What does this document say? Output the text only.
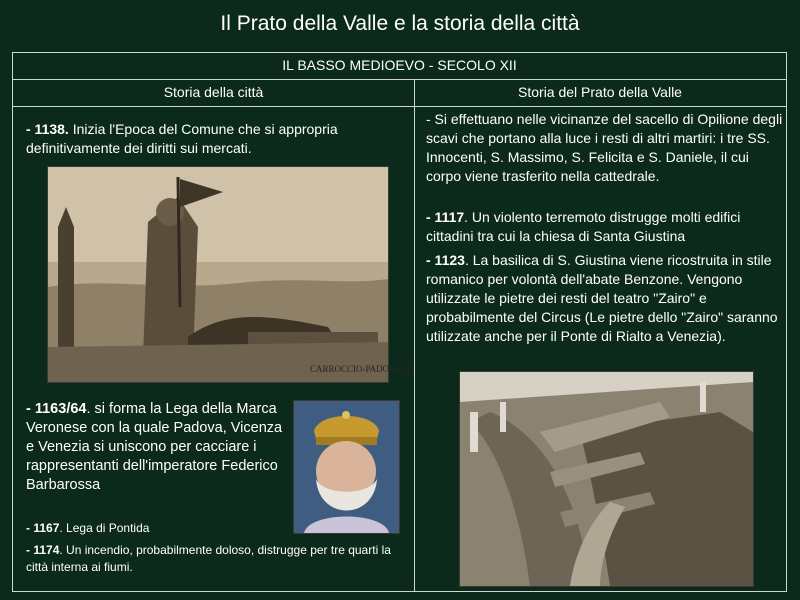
Il Prato della Valle e la storia della città
IL BASSO MEDIOEVO - SECOLO XII
Storia della città	Storia del Prato della Valle
- 1138. Inizia l'Epoca del Comune che si appropria definitivamente dei diritti sui mercati.
CARROCCIO-PADOVANO
- 1163/64. si forma la Lega della Marca Veronese con la quale Padova, Vicenza e Venezia si uniscono per cacciare i rappresentanti dell'imperatore Federico Barbarossa
- 1167. Lega di Pontida
- 1174. Un incendio, probabilmente doloso, distrugge per tre quarti la città interna ai fiumi.
- Si effettuano nelle vicinanze del sacello di Opilione degli scavi che portano alla luce i resti di altri martiri: i tre SS. Innocenti, S. Massimo, S. Felicita e S. Daniele, il cui corpo viene trasferito nella cattedrale.
- 1117. Un violento terremoto distrugge molti edifici cittadini tra cui la chiesa di Santa Giustina
- 1123. La basilica di S. Giustina viene ricostruita in stile romanico per volontà dell'abate Benzone. Vengono utilizzate le pietre dei resti del teatro "Zairo" e probabilmente del Circus (Le pietre dello "Zairo" saranno utilizzate anche per il Ponte di Rialto a Venezia).
